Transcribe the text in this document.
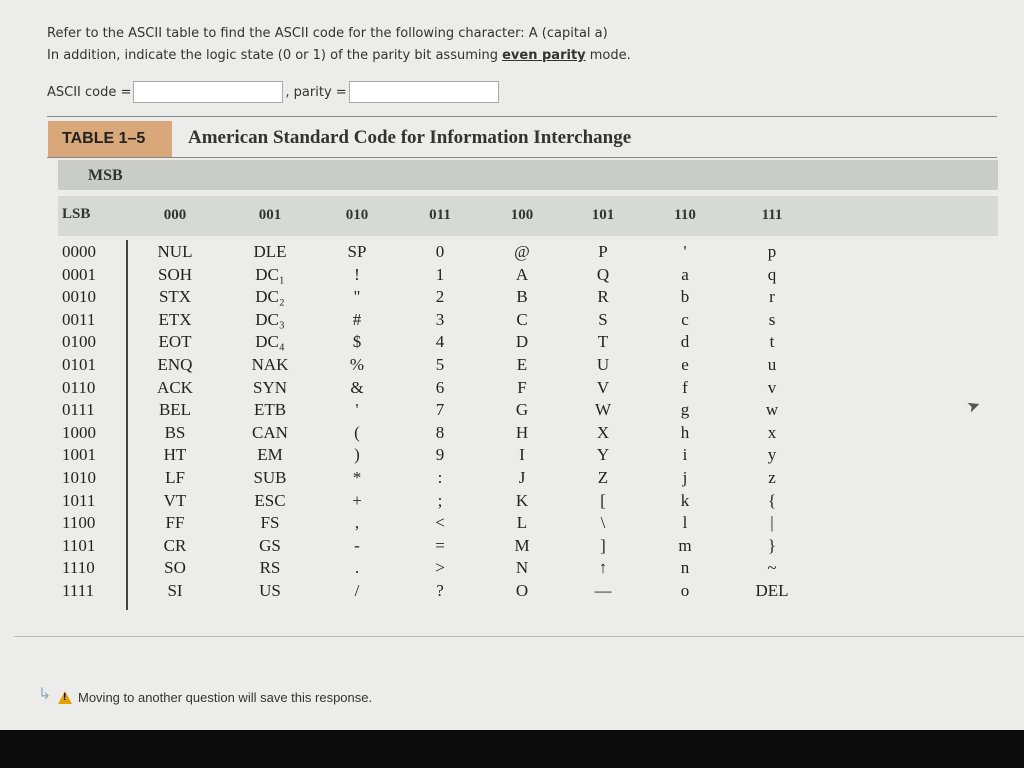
Refer to the ASCII table to find the ASCII code for the following character: A (capital a)
In addition, indicate the logic state (0 or 1) of the parity bit assuming even parity mode.
ASCII code =	, parity =
TABLE 1–5	American Standard Code for Information Interchange
MSB
LSB	000	001	010	011	100	101	110	111
0000	NUL	DLE	SP	0	@	P	'	p
0001	SOH	DC₁	!	1	A	Q	a	q
0010	STX	DC₂	"	2	B	R	b	r
0011	ETX	DC₃	#	3	C	S	c	s
0100	EOT	DC₄	$	4	D	T	d	t
0101	ENQ	NAK	%	5	E	U	e	u
0110	ACK	SYN	&	6	F	V	f	v
0111	BEL	ETB	'	7	G	W	g	w
1000	BS	CAN	(	8	H	X	h	x
1001	HT	EM	)	9	I	Y	i	y
1010	LF	SUB	*	:	J	Z	j	z
1011	VT	ESC	+	;	K	[	k	{
1100	FF	FS	,	<	L	\	l	|
1101	CR	GS	-	=	M	]	m	}
1110	SO	RS	.	>	N	↑	n	~
1111	SI	US	/	?	O	—	o	DEL
↳ ! Moving to another question will save this response.
➤
